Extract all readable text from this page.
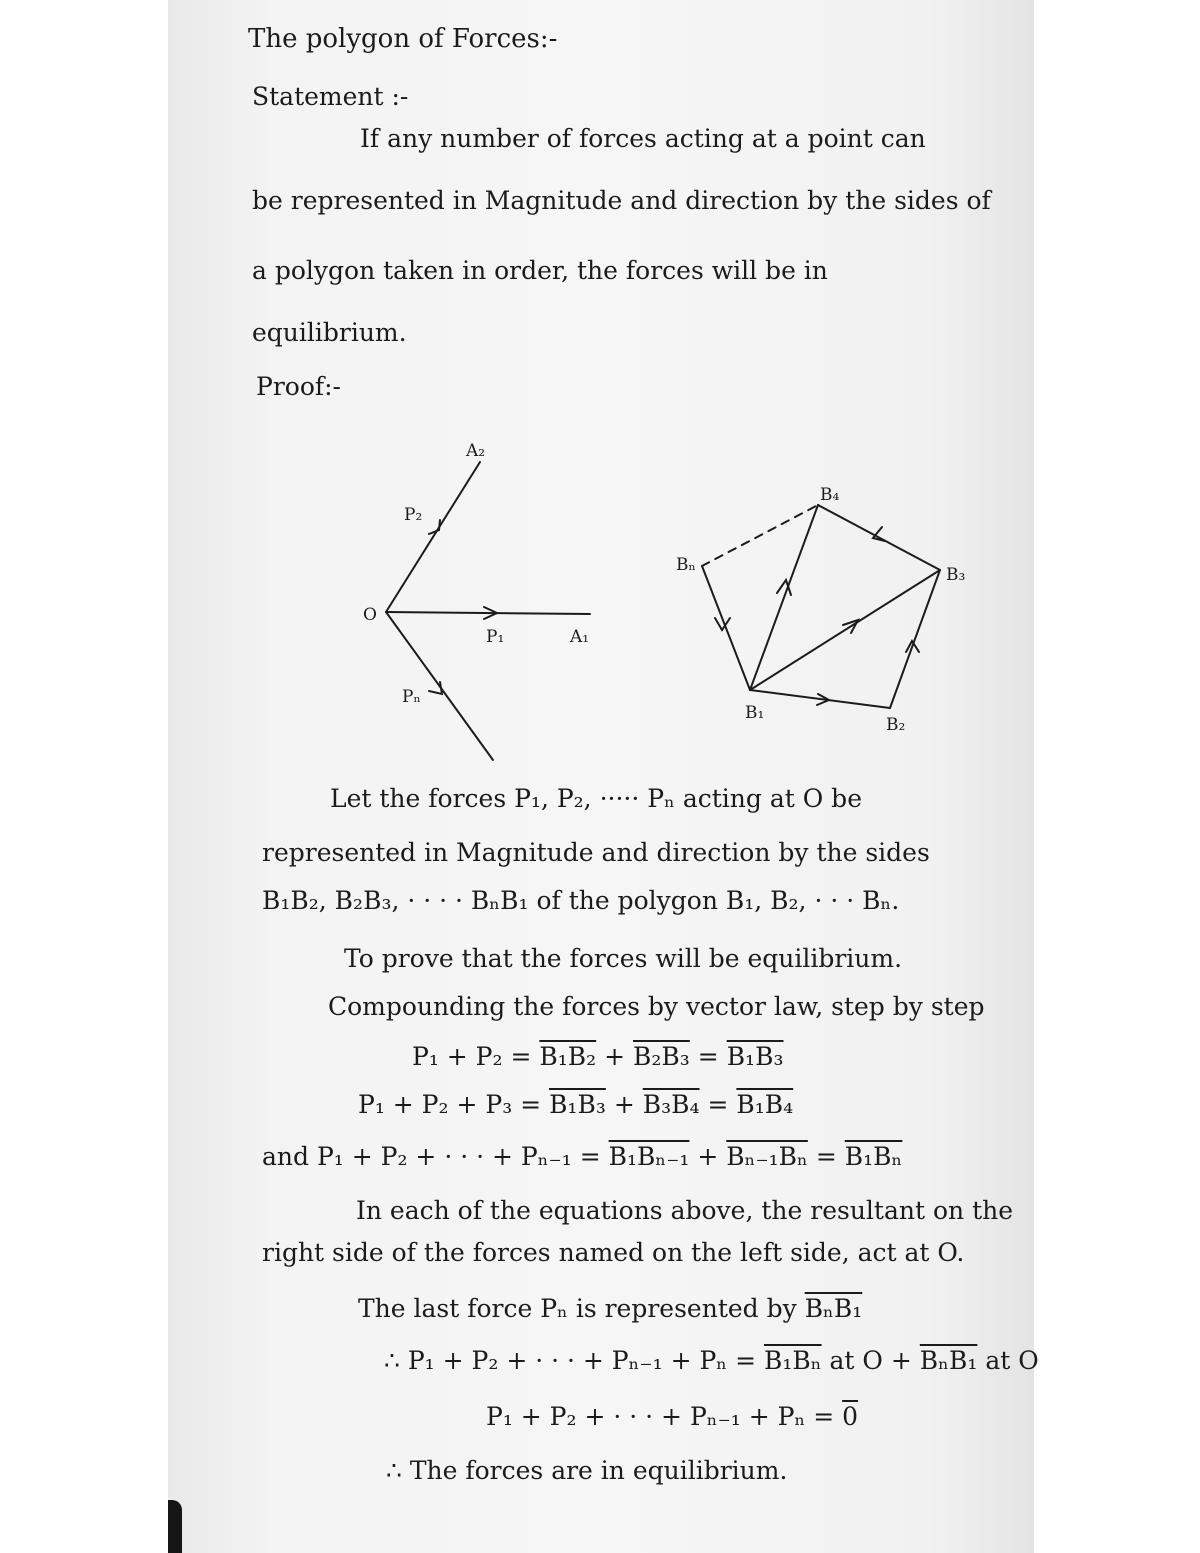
The polygon of Forces:-
Statement :-
If any number of forces acting at a point can
be represented in Magnitude and direction by the sides of
a polygon taken in order, the forces will be in
equilibrium.
Proof:-
O
P₁	A₁
P₂
A₂
Pₙ
B₁
B₂
B₃
B₄
Bₙ
Let the forces P₁, P₂, ····· Pₙ acting at O be
represented in Magnitude and direction by the sides
B₁B₂, B₂B₃, · · · · BₙB₁ of the polygon B₁, B₂, · · · Bₙ.
To prove that the forces will be equilibrium.
Compounding the forces by vector law, step by step
P₁ + P₂ = B₁B₂ + B₂B₃ = B₁B₃
P₁ + P₂ + P₃ = B₁B₃ + B₃B₄ = B₁B₄
and P₁ + P₂ + · · · + Pₙ₋₁ = B₁Bₙ₋₁ + Bₙ₋₁Bₙ = B₁Bₙ
In each of the equations above, the resultant on the
right side of the forces named on the left side, act at O.
The last force Pₙ is represented by BₙB₁
∴ P₁ + P₂ + · · · + Pₙ₋₁ + Pₙ = B₁Bₙ at O + BₙB₁ at O
P₁ + P₂ + · · · + Pₙ₋₁ + Pₙ = 0
∴ The forces are in equilibrium.
